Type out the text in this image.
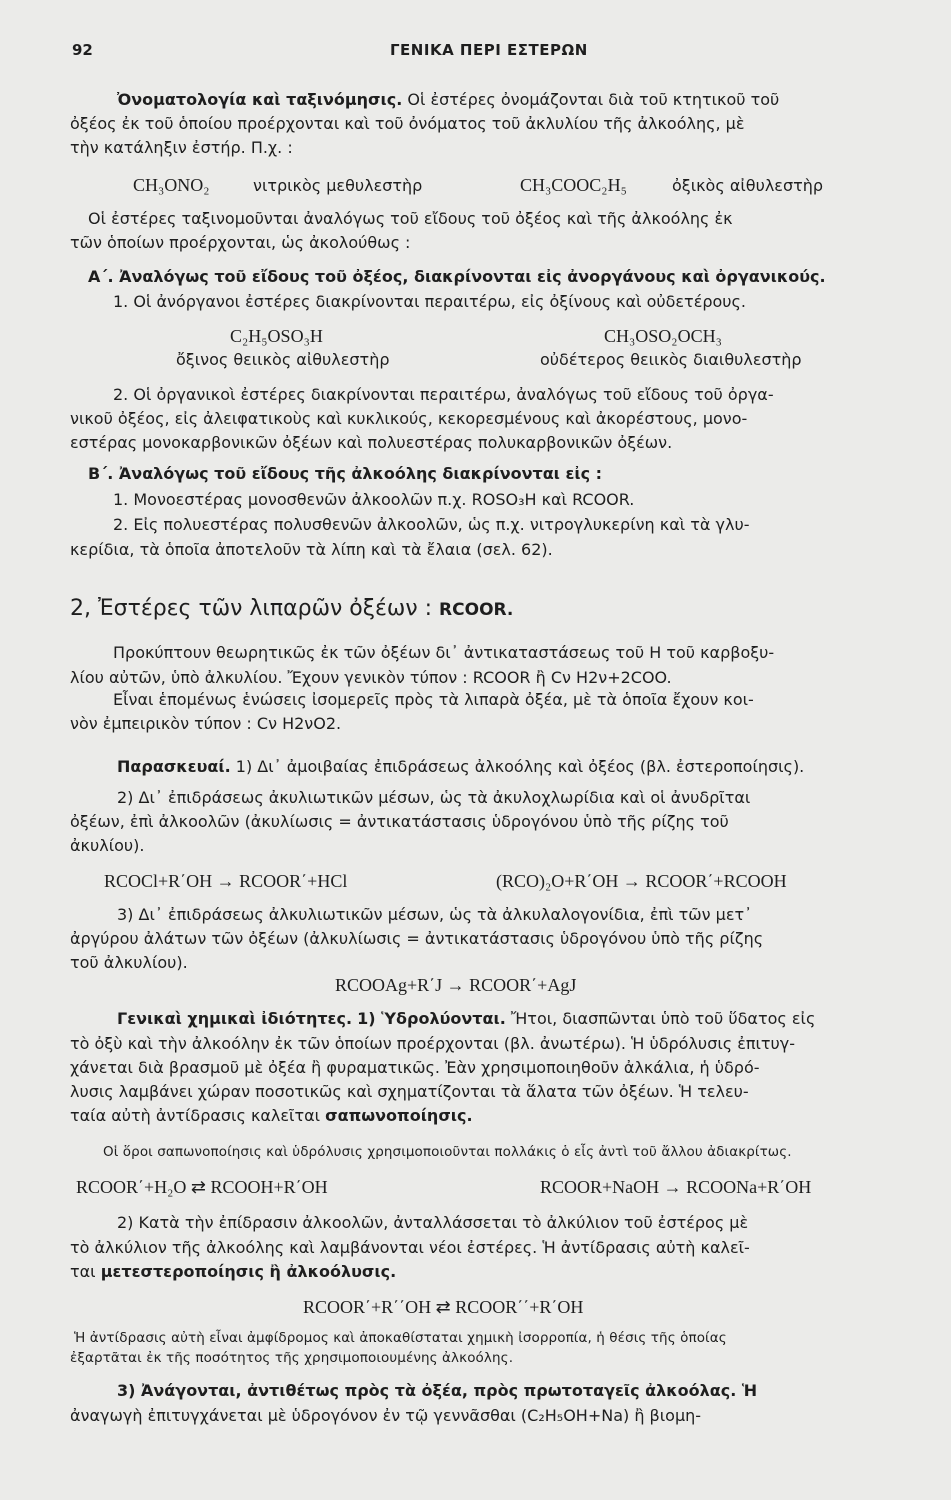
92	ΓΕΝΙΚΑ ΠΕΡΙ ΕΣΤΕΡΩΝ
Ὀνοματολογία καὶ ταξινόμησις. Οἱ ἐστέρες ὀνομάζονται διὰ τοῦ κτητικοῦ τοῦ
ὀξέος ἐκ τοῦ ὁποίου προέρχονται καὶ τοῦ ὀνόματος τοῦ ἀκλυλίου τῆς ἀλκοόλης, μὲ
τὴν κατάληξιν ἐστήρ. Π.χ. :
CH₃ONO₂	νιτρικὸς μεθυλεστὴρ	CH₃COOC₂H₅	ὀξικὸς αἰθυλεστὴρ
Οἱ ἐστέρες ταξινομοῦνται ἀναλόγως τοῦ εἴδους τοῦ ὀξέος καὶ τῆς ἀλκοόλης ἐκ
τῶν ὁποίων προέρχονται, ὡς ἀκολούθως :
Α΄. Ἀναλόγως τοῦ εἴδους τοῦ ὀξέος, διακρίνονται εἰς ἀνοργάνους καὶ ὀργανικούς.
1. Οἱ ἀνόργανοι ἐστέρες διακρίνονται περαιτέρω, εἰς ὀξίνους καὶ οὐδετέρους.
C₂H₅OSO₃H
ὄξινος θειικὸς αἰθυλεστὴρ
CH₃OSO₂OCH₃
οὐδέτερος θειικὸς διαιθυλεστὴρ
2. Οἱ ὀργανικοὶ ἐστέρες διακρίνονται περαιτέρω, ἀναλόγως τοῦ εἴδους τοῦ ὀργα-
νικοῦ ὀξέος, εἰς ἀλειφατικοὺς καὶ κυκλικούς, κεκορεσμένους καὶ ἀκορέστους, μονο-
εστέρας μονοκαρβονικῶν ὀξέων καὶ πολυεστέρας πολυκαρβονικῶν ὀξέων.
Β΄. Ἀναλόγως τοῦ εἴδους τῆς ἀλκοόλης διακρίνονται εἰς :
1. Μονοεστέρας μονοσθενῶν ἀλκοολῶν π.χ. ROSO₃H καὶ RCOOR.
2. Εἰς πολυεστέρας πολυσθενῶν ἀλκοολῶν, ὡς π.χ. νιτρογλυκερίνη καὶ τὰ γλυ-
κερίδια, τὰ ὁποῖα ἀποτελοῦν τὰ λίπη καὶ τὰ ἔλαια (σελ. 62).
2, Ἐστέρες τῶν λιπαρῶν ὀξέων : RCOOR.
Προκύπτουν θεωρητικῶς ἐκ τῶν ὀξέων δι᾽ ἀντικαταστάσεως τοῦ Η τοῦ καρβοξυ-
λίου αὐτῶν, ὑπὸ ἀλκυλίου. Ἔχουν γενικὸν τύπον : RCOOR ἢ Cν H2ν+2COO.
Εἶναι ἑπομένως ἑνώσεις ἰσομερεῖς πρὸς τὰ λιπαρὰ ὀξέα, μὲ τὰ ὁποῖα ἔχουν κοι-
νὸν ἐμπειρικὸν τύπον : Cν H2νO2.
Παρασκευαί. 1) Δι᾽ ἀμοιβαίας ἐπιδράσεως ἀλκοόλης καὶ ὀξέος (βλ. ἐστεροποίησις).
2) Δι᾽ ἐπιδράσεως ἀκυλιωτικῶν μέσων, ὡς τὰ ἀκυλοχλωρίδια καὶ οἱ ἀνυδρῖται
ὀξέων, ἐπὶ ἀλκοολῶν (ἀκυλίωσις = ἀντικατάστασις ὑδρογόνου ὑπὸ τῆς ρίζης τοῦ
ἀκυλίου).
RCOCl+R΄OH → RCOOR΄+HCl	(RCO)₂O+R΄OH → RCOOR΄+RCOOH
3) Δι᾽ ἐπιδράσεως ἀλκυλιωτικῶν μέσων, ὡς τὰ ἀλκυλαλογονίδια, ἐπὶ τῶν μετ᾽
ἀργύρου ἀλάτων τῶν ὀξέων (ἀλκυλίωσις = ἀντικατάστασις ὑδρογόνου ὑπὸ τῆς ρίζης
τοῦ ἀλκυλίου).
RCOOAg+R΄J → RCOOR΄+AgJ
Γενικαὶ χημικαὶ ἰδιότητες. 1) Ὑδρολύονται. Ἤτοι, διασπῶνται ὑπὸ τοῦ ὕδατος εἰς
τὸ ὀξὺ καὶ τὴν ἀλκοόλην ἐκ τῶν ὁποίων προέρχονται (βλ. ἀνωτέρω). Ἡ ὑδρόλυσις ἐπιτυγ-
χάνεται διὰ βρασμοῦ μὲ ὀξέα ἢ φυραματικῶς. Ἐὰν χρησιμοποιηθοῦν ἀλκάλια, ἡ ὑδρό-
λυσις λαμβάνει χώραν ποσοτικῶς καὶ σχηματίζονται τὰ ἅλατα τῶν ὀξέων. Ἡ τελευ-
ταία αὐτὴ ἀντίδρασις καλεῖται σαπωνοποίησις.
Οἱ ὅροι σαπωνοποίησις καὶ ὑδρόλυσις χρησιμοποιοῦνται πολλάκις ὁ εἷς ἀντὶ τοῦ ἄλλου ἀδιακρίτως.
RCOOR΄+H₂O ⇄ RCOOH+R΄OH	RCOOR+NaOH → RCOONa+R΄OH
2) Κατὰ τὴν ἐπίδρασιν ἀλκοολῶν, ἀνταλλάσσεται τὸ ἀλκύλιον τοῦ ἐστέρος μὲ
τὸ ἀλκύλιον τῆς ἀλκοόλης καὶ λαμβάνονται νέοι ἐστέρες. Ἡ ἀντίδρασις αὐτὴ καλεῖ-
ται μετεστεροποίησις ἢ ἀλκοόλυσις.
RCOOR΄+R΄΄OH ⇄ RCOOR΄΄+R΄OH
Ἡ ἀντίδρασις αὐτὴ εἶναι ἀμφίδρομος καὶ ἀποκαθίσταται χημικὴ ἰσορροπία, ἡ θέσις τῆς ὁποίας
ἐξαρτᾶται ἐκ τῆς ποσότητος τῆς χρησιμοποιουμένης ἀλκοόλης.
3) Ἀνάγονται, ἀντιθέτως πρὸς τὰ ὀξέα, πρὸς πρωτοταγεῖς ἀλκοόλας. Ἡ
ἀναγωγὴ ἐπιτυγχάνεται μὲ ὑδρογόνον ἐν τῷ γεννᾶσθαι (C₂H₅OH+Na) ἢ βιομη-
